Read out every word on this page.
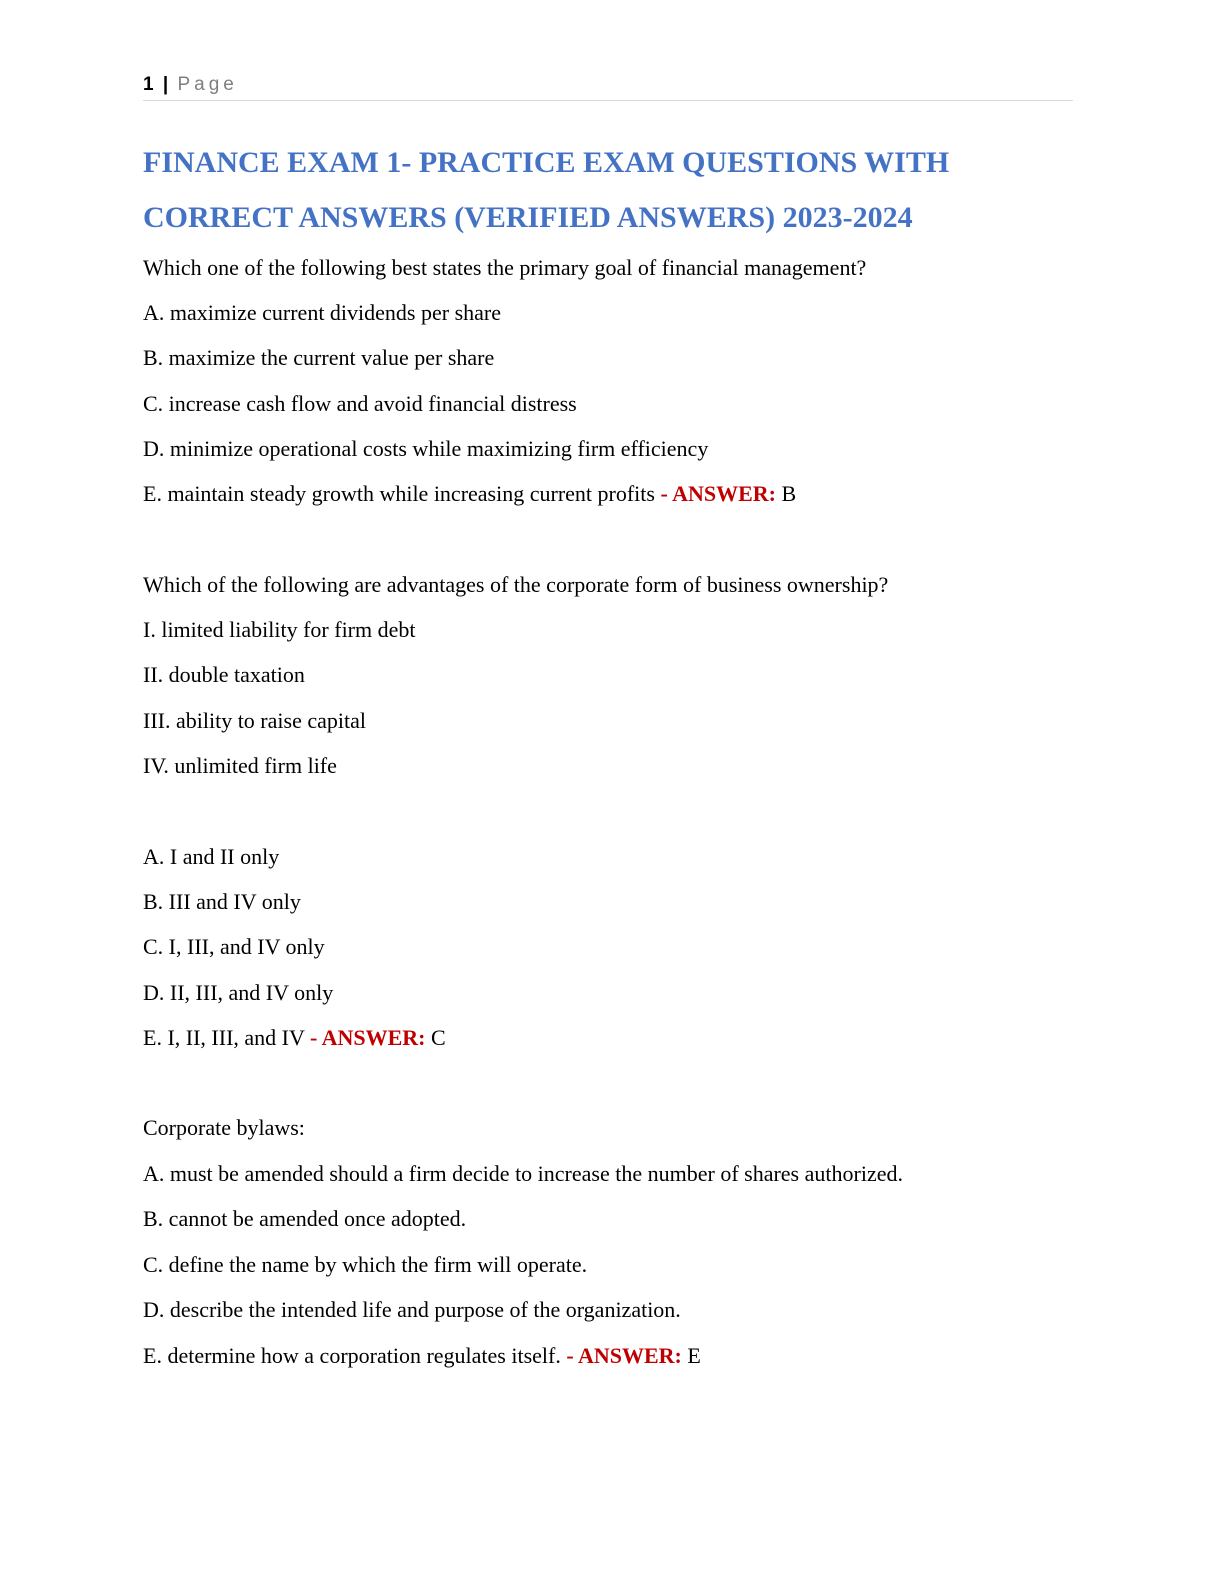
1 | Page
FINANCE EXAM 1- PRACTICE EXAM QUESTIONS WITH
CORRECT ANSWERS (VERIFIED ANSWERS) 2023-2024

Which one of the following best states the primary goal of financial management?

A. maximize current dividends per share

B. maximize the current value per share

C. increase cash flow and avoid financial distress

D. minimize operational costs while maximizing firm efficiency

E. maintain steady growth while increasing current profits - ANSWER: B

Which of the following are advantages of the corporate form of business ownership?

I. limited liability for firm debt

II. double taxation

III. ability to raise capital

IV. unlimited firm life

A. I and II only

B. III and IV only

C. I, III, and IV only

D. II, III, and IV only

E. I, II, III, and IV - ANSWER: C

Corporate bylaws:

A. must be amended should a firm decide to increase the number of shares authorized.

B. cannot be amended once adopted.

C. define the name by which the firm will operate.

D. describe the intended life and purpose of the organization.

E. determine how a corporation regulates itself. - ANSWER: E
